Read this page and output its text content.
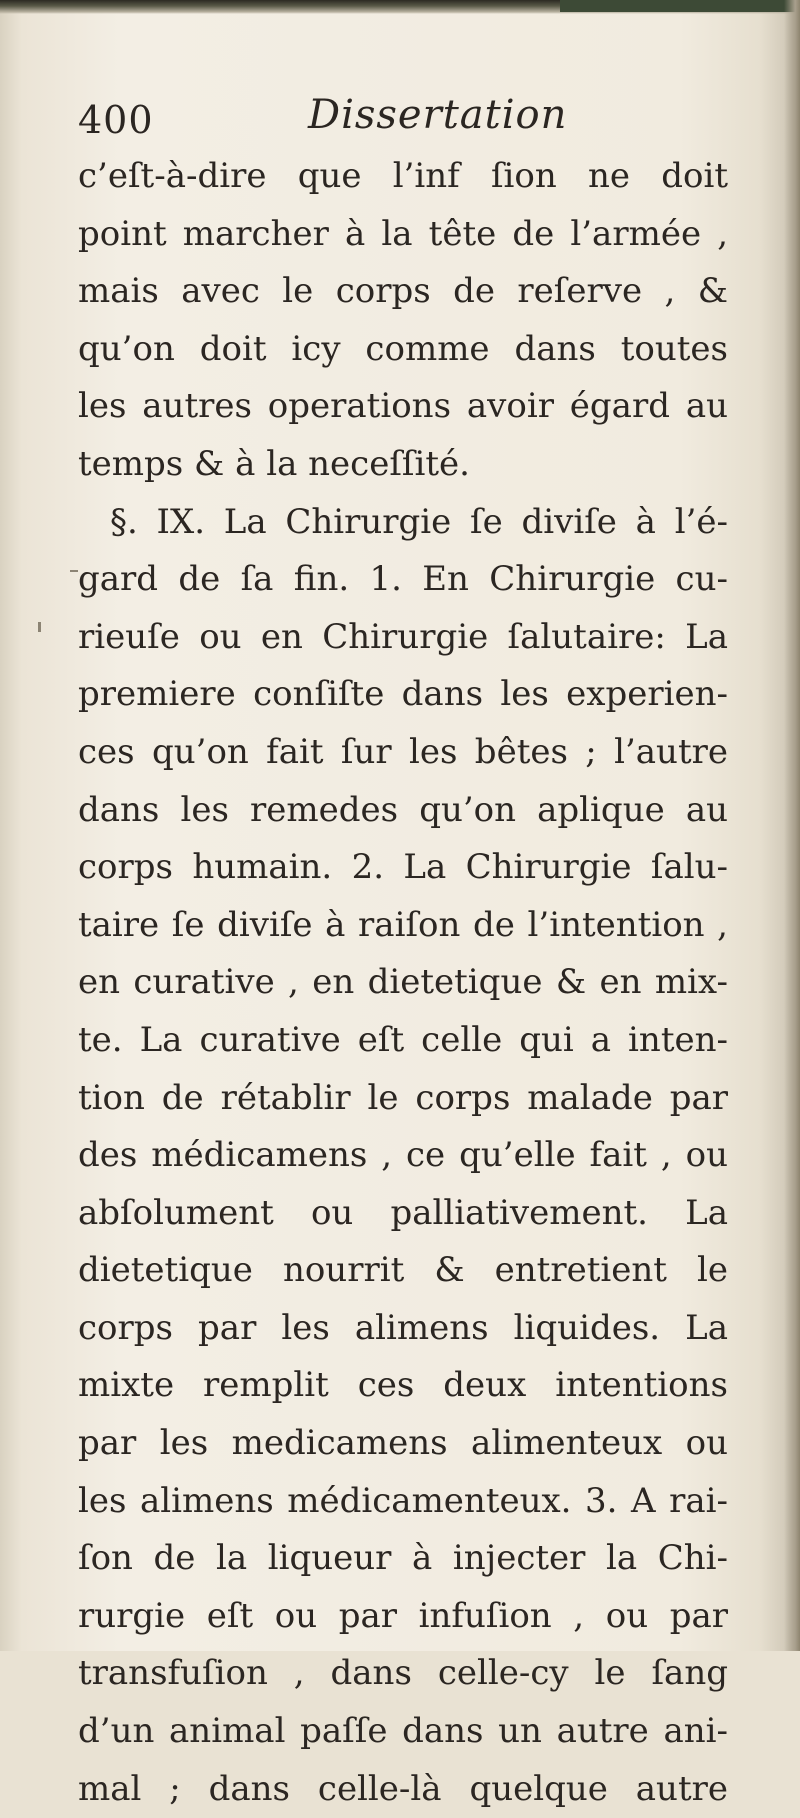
400	Dissertation
c’eſt-à-dire que l’inf ſion ne doit
point marcher à la tête de l’armée ,
mais avec le corps de reſerve , &
qu’on doit icy comme dans toutes
les autres operations avoir égard au
temps & à la neceſſité.
§. IX. La Chirurgie ſe diviſe à l’é-
gard de ſa fin. 1. En Chirurgie cu-
rieuſe ou en Chirurgie ſalutaire: La
premiere conſiſte dans les experien-
ces qu’on fait ſur les bêtes ; l’autre
dans les remedes qu’on aplique au
corps humain. 2. La Chirurgie ſalu-
taire ſe diviſe à raiſon de l’intention ,
en curative , en dietetique & en mix-
te. La curative eſt celle qui a inten-
tion de rétablir le corps malade par
des médicamens , ce qu’elle fait , ou
abſolument ou palliativement. La
dietetique nourrit & entretient le
corps par les alimens liquides. La
mixte remplit ces deux intentions
par les medicamens alimenteux ou
les alimens médicamenteux. 3. A rai-
ſon de la liqueur à injecter la Chi-
rurgie eſt ou par infuſion , ou par
transfuſion , dans celle-cy le ſang
d’un animal paſſe dans un autre ani-
mal ; dans celle-là quelque autre
